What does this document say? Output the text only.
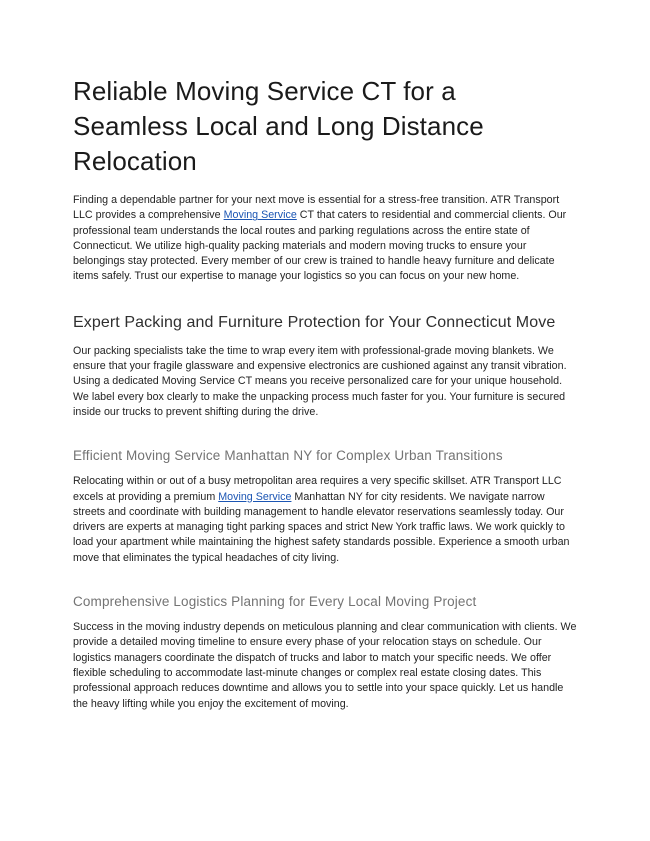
Reliable Moving Service CT for a Seamless Local and Long Distance Relocation

Finding a dependable partner for your next move is essential for a stress-free transition. ATR Transport LLC provides a comprehensive Moving Service CT that caters to residential and commercial clients. Our professional team understands the local routes and parking regulations across the entire state of Connecticut. We utilize high-quality packing materials and modern moving trucks to ensure your belongings stay protected. Every member of our crew is trained to handle heavy furniture and delicate items safely. Trust our expertise to manage your logistics so you can focus on your new home.

Expert Packing and Furniture Protection for Your Connecticut Move

Our packing specialists take the time to wrap every item with professional-grade moving blankets. We ensure that your fragile glassware and expensive electronics are cushioned against any transit vibration. Using a dedicated Moving Service CT means you receive personalized care for your unique household. We label every box clearly to make the unpacking process much faster for you. Your furniture is secured inside our trucks to prevent shifting during the drive.

Efficient Moving Service Manhattan NY for Complex Urban Transitions

Relocating within or out of a busy metropolitan area requires a very specific skillset. ATR Transport LLC excels at providing a premium Moving Service Manhattan NY for city residents. We navigate narrow streets and coordinate with building management to handle elevator reservations seamlessly today. Our drivers are experts at managing tight parking spaces and strict New York traffic laws. We work quickly to load your apartment while maintaining the highest safety standards possible. Experience a smooth urban move that eliminates the typical headaches of city living.

Comprehensive Logistics Planning for Every Local Moving Project

Success in the moving industry depends on meticulous planning and clear communication with clients. We provide a detailed moving timeline to ensure every phase of your relocation stays on schedule. Our logistics managers coordinate the dispatch of trucks and labor to match your specific needs. We offer flexible scheduling to accommodate last-minute changes or complex real estate closing dates. This professional approach reduces downtime and allows you to settle into your space quickly. Let us handle the heavy lifting while you enjoy the excitement of moving.
